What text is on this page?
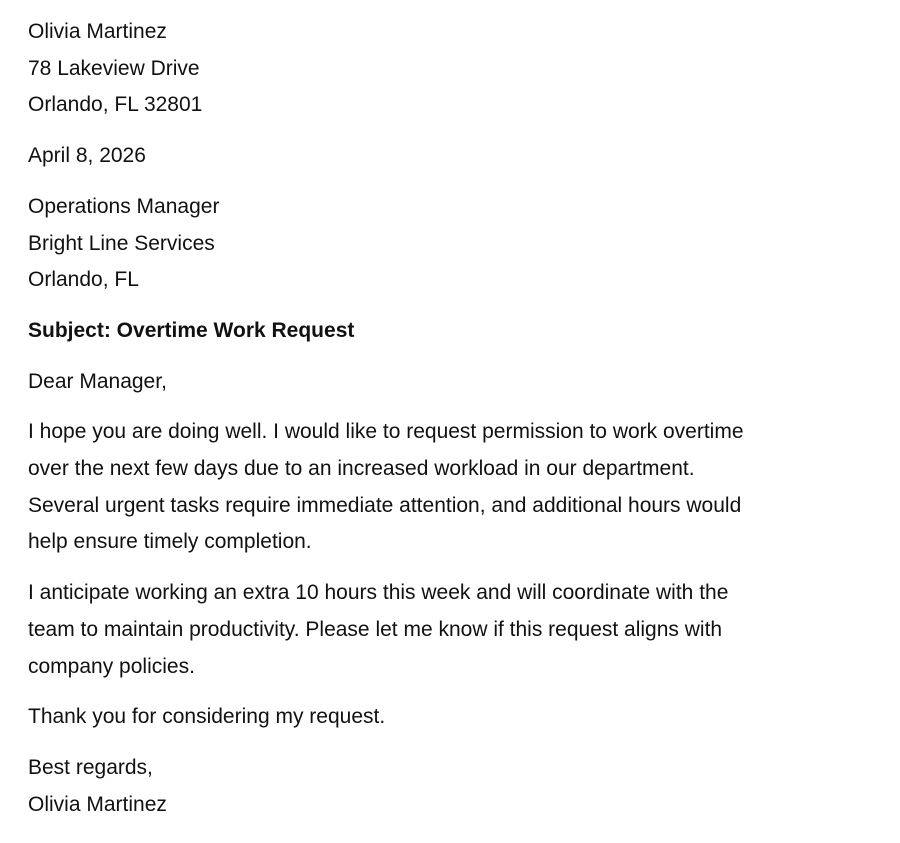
Olivia Martinez
78 Lakeview Drive
Orlando, FL 32801
April 8, 2026
Operations Manager
Bright Line Services
Orlando, FL
Subject: Overtime Work Request
Dear Manager,
I hope you are doing well. I would like to request permission to work overtime
over the next few days due to an increased workload in our department.
Several urgent tasks require immediate attention, and additional hours would
help ensure timely completion.
I anticipate working an extra 10 hours this week and will coordinate with the
team to maintain productivity. Please let me know if this request aligns with
company policies.
Thank you for considering my request.
Best regards,
Olivia Martinez
